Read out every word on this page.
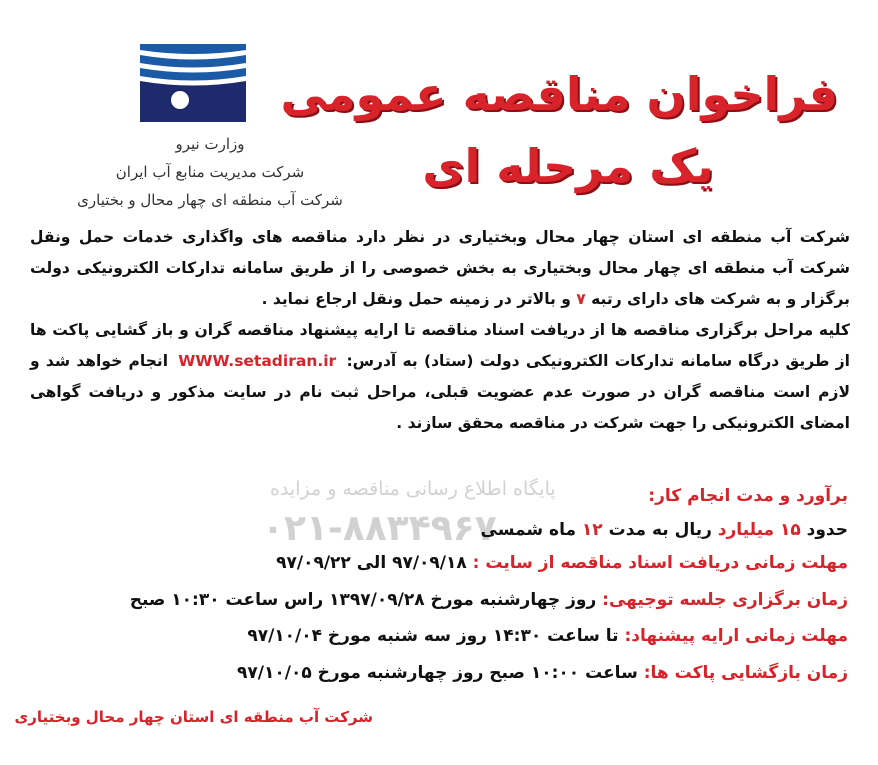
وزارت نیرو
شرکت مدیریت منابع آب ایران
شرکت آب منطقه ای چهار محال و بختیاری
فراخوان مناقصه عمومی
یک مرحله ای
پایگاه اطلاع رسانی مناقصه و مزایده
۰۲۱-۸۸۳۴۹۶۷

شرکت آب منطقه ای استان چهار محال وبختیاری در نظر دارد مناقصه های واگذاری خدمات حمل ونقل شرکت آب منطقه ای چهار محال وبختیاری به بخش خصوصی را از طریق سامانه تدارکات الکترونیکی دولت برگزار و به شرکت های دارای رتبه ۷ و بالاتر در زمینه حمل ونقل ارجاع نماید .

کلیه مراحل برگزاری مناقصه ها از دریافت اسناد مناقصه تا ارایه پیشنهاد مناقصه گران و باز گشایی پاکت ها از طریق درگاه سامانه تدارکات الکترونیکی دولت (ستاد) به آدرس: WWW.setadiran.ir انجام خواهد شد و لازم است مناقصه گران در صورت عدم عضویت قبلی، مراحل ثبت نام در سایت مذکور و دریافت گواهی امضای الکترونیکی را جهت شرکت در مناقصه محقق سازند .

برآورد و مدت انجام کار:
حدود ۱۵ میلیارد ریال به مدت ۱۲ ماه شمسی
مهلت زمانی دریافت اسناد مناقصه از سایت : ۹۷/۰۹/۱۸ الی ۹۷/۰۹/۲۲
زمان برگزاری جلسه توجیهی: روز چهارشنبه مورخ ۱۳۹۷/۰۹/۲۸ راس ساعت ۱۰:۳۰ صبح
مهلت زمانی ارایه پیشنهاد: تا ساعت ۱۴:۳۰ روز سه شنبه مورخ ۹۷/۱۰/۰۴
زمان بازگشایی پاکت ها: ساعت ۱۰:۰۰ صبح روز چهارشنبه مورخ ۹۷/۱۰/۰۵
شرکت آب منطقه ای استان چهار محال وبختیاری
